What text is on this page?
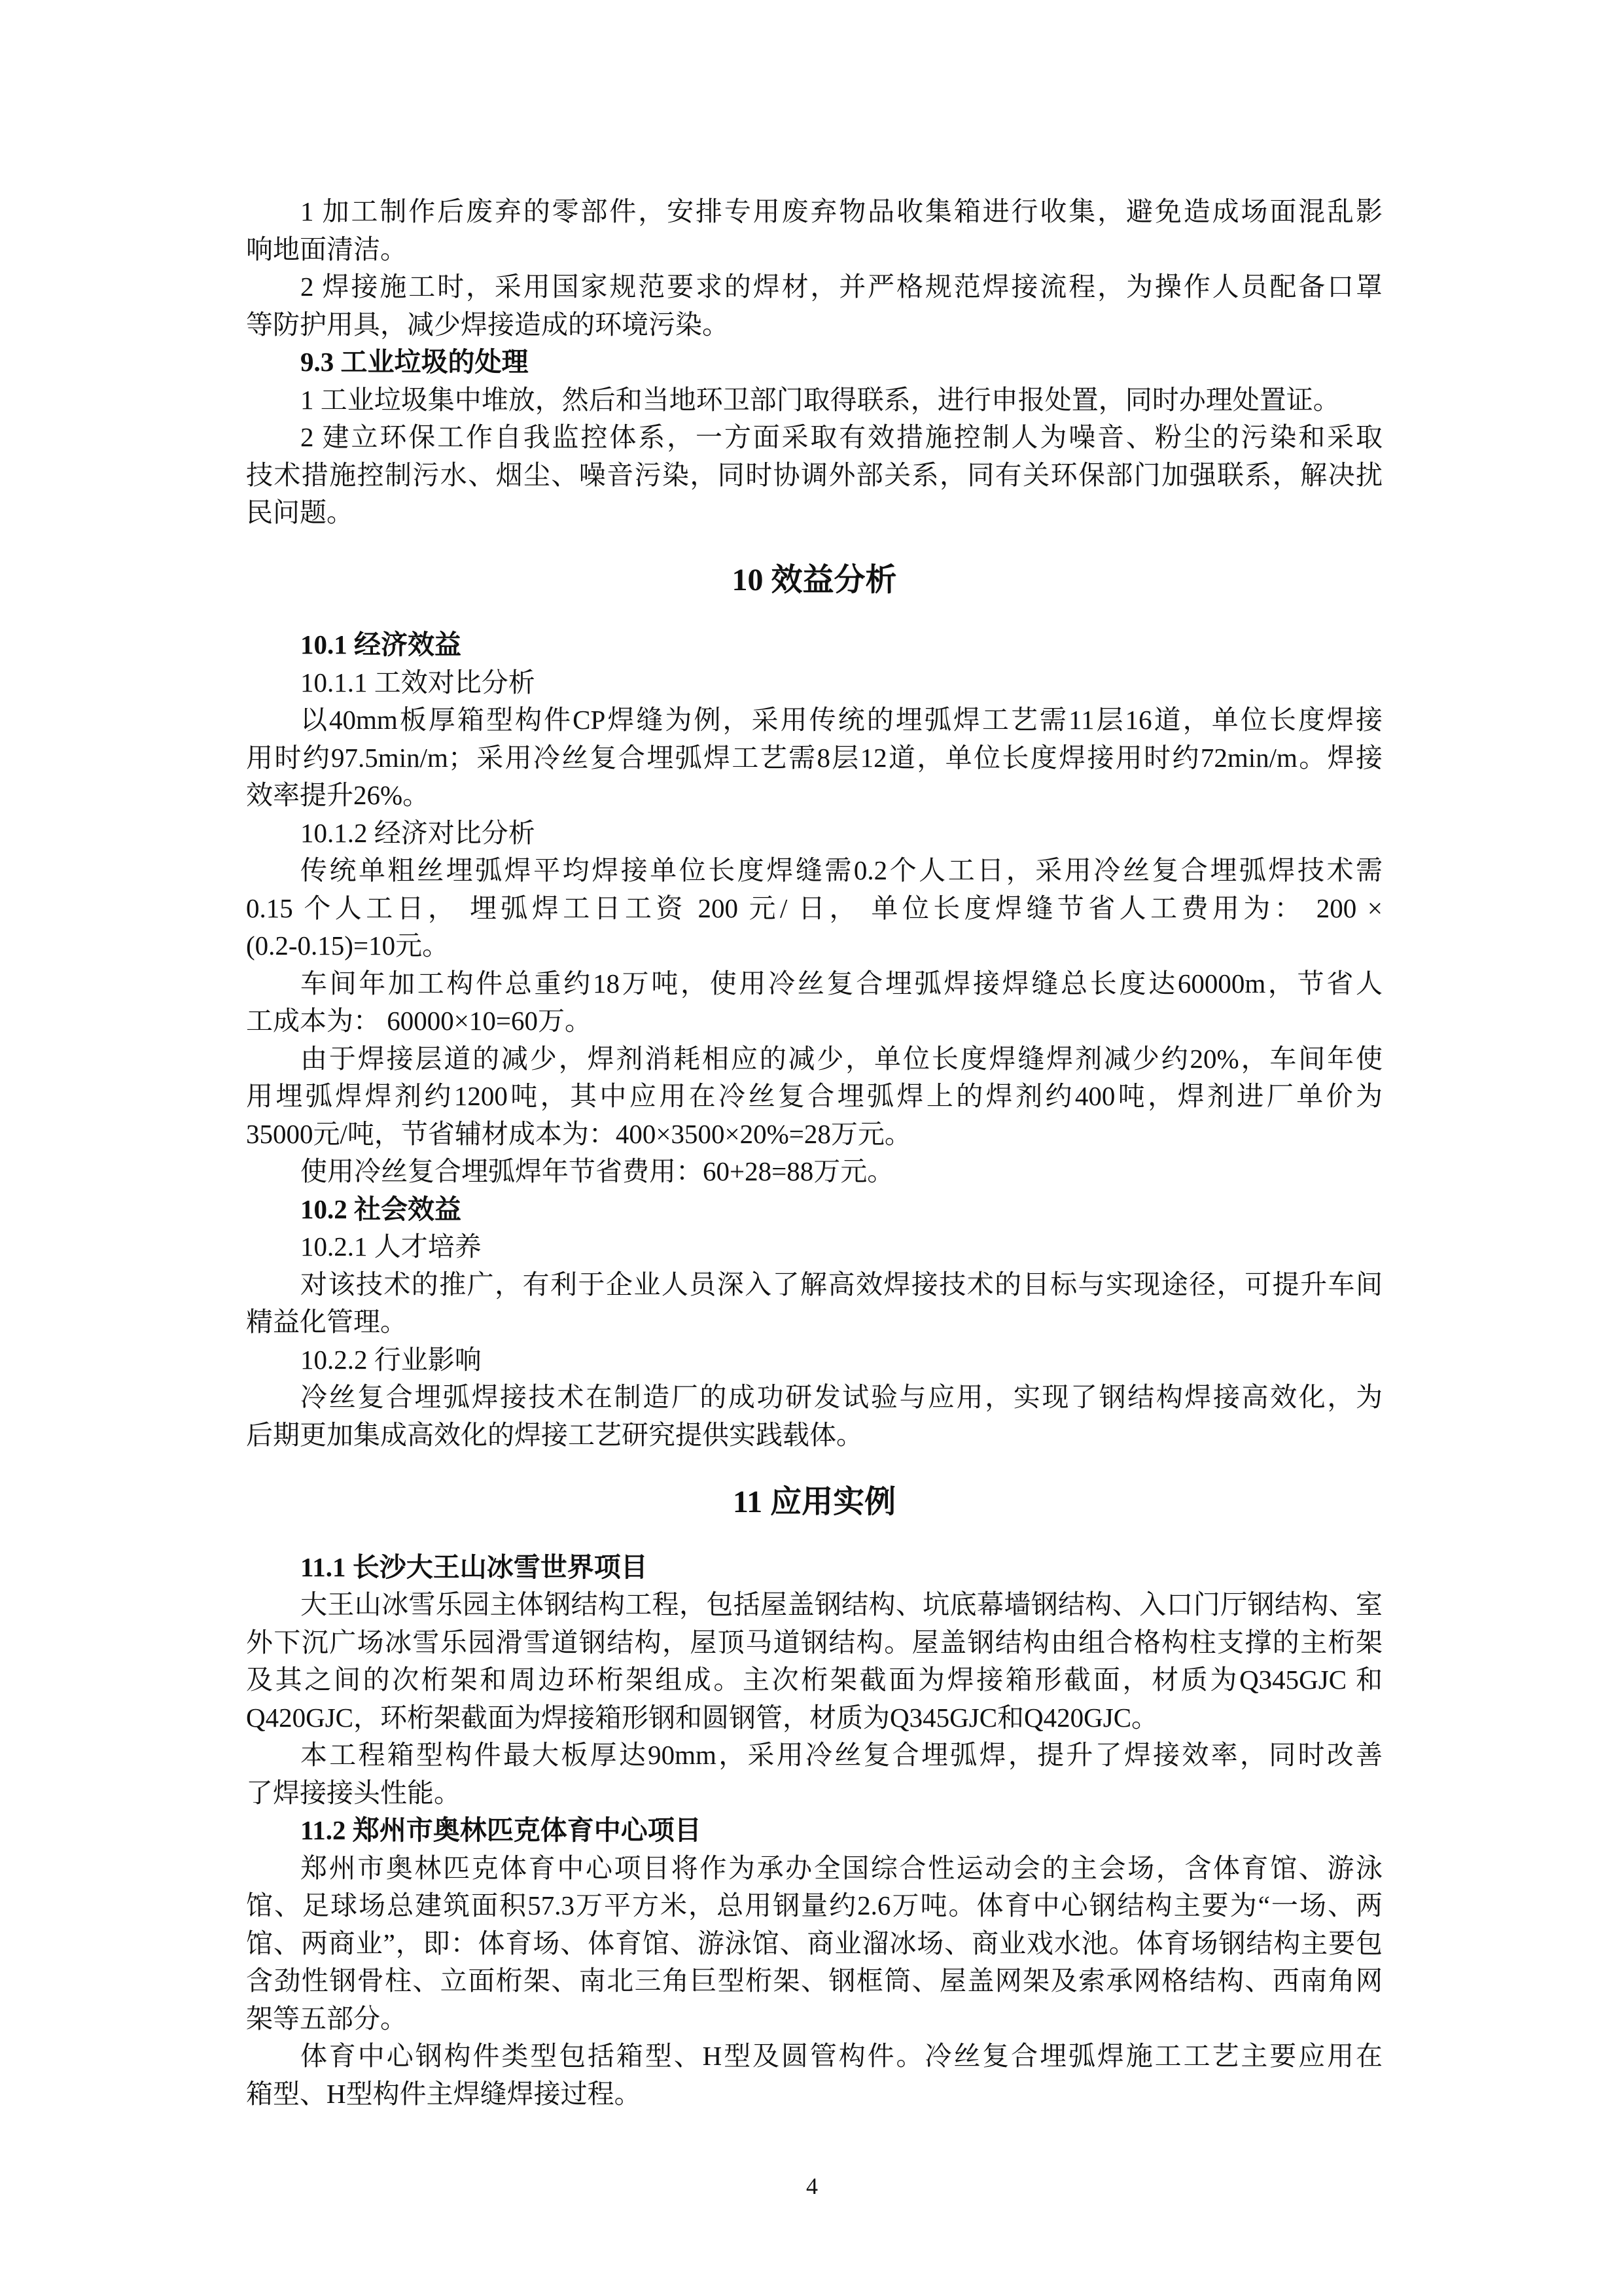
1 加工制作后废弃的零部件，安排专用废弃物品收集箱进行收集，避免造成场面混乱影
响地面清洁。
2 焊接施工时，采用国家规范要求的焊材，并严格规范焊接流程，为操作人员配备口罩
等防护用具，减少焊接造成的环境污染。
9.3 工业垃圾的处理
1 工业垃圾集中堆放，然后和当地环卫部门取得联系，进行申报处置，同时办理处置证。
2 建立环保工作自我监控体系，一方面采取有效措施控制人为噪音、粉尘的污染和采取
技术措施控制污水、烟尘、噪音污染，同时协调外部关系，同有关环保部门加强联系，解决扰
民问题。
10 效益分析
10.1 经济效益
10.1.1 工效对比分析
以40mm板厚箱型构件CP焊缝为例，采用传统的埋弧焊工艺需11层16道，单位长度焊接
用时约97.5min/m；采用冷丝复合埋弧焊工艺需8层12道，单位长度焊接用时约72min/m。焊接
效率提升26%。
10.1.2 经济对比分析
传统单粗丝埋弧焊平均焊接单位长度焊缝需0.2个人工日，采用冷丝复合埋弧焊技术需
0.15 个人工日， 埋弧焊工日工资 200 元/ 日， 单位长度焊缝节省人工费用为： 200 ×
(0.2-0.15)=10元。
车间年加工构件总重约18万吨，使用冷丝复合埋弧焊接焊缝总长度达60000m，节省人
工成本为： 60000×10=60万。
由于焊接层道的减少，焊剂消耗相应的减少，单位长度焊缝焊剂减少约20%，车间年使
用埋弧焊焊剂约1200吨，其中应用在冷丝复合埋弧焊上的焊剂约400吨，焊剂进厂单价为
35000元/吨，节省辅材成本为：400×3500×20%=28万元。
使用冷丝复合埋弧焊年节省费用：60+28=88万元。
10.2 社会效益
10.2.1 人才培养
对该技术的推广，有利于企业人员深入了解高效焊接技术的目标与实现途径，可提升车间
精益化管理。
10.2.2 行业影响
冷丝复合埋弧焊接技术在制造厂的成功研发试验与应用，实现了钢结构焊接高效化，为
后期更加集成高效化的焊接工艺研究提供实践载体。
11 应用实例
11.1 长沙大王山冰雪世界项目
大王山冰雪乐园主体钢结构工程，包括屋盖钢结构、坑底幕墙钢结构、入口门厅钢结构、室
外下沉广场冰雪乐园滑雪道钢结构，屋顶马道钢结构。屋盖钢结构由组合格构柱支撑的主桁架
及其之间的次桁架和周边环桁架组成。主次桁架截面为焊接箱形截面，材质为Q345GJC 和
Q420GJC，环桁架截面为焊接箱形钢和圆钢管，材质为Q345GJC和Q420GJC。
本工程箱型构件最大板厚达90mm，采用冷丝复合埋弧焊，提升了焊接效率，同时改善
了焊接接头性能。
11.2 郑州市奥林匹克体育中心项目
郑州市奥林匹克体育中心项目将作为承办全国综合性运动会的主会场，含体育馆、游泳
馆、足球场总建筑面积57.3万平方米，总用钢量约2.6万吨。体育中心钢结构主要为“一场、两
馆、两商业”，即：体育场、体育馆、游泳馆、商业溜冰场、商业戏水池。体育场钢结构主要包
含劲性钢骨柱、立面桁架、南北三角巨型桁架、钢框筒、屋盖网架及索承网格结构、西南角网
架等五部分。
体育中心钢构件类型包括箱型、H型及圆管构件。冷丝复合埋弧焊施工工艺主要应用在
箱型、H型构件主焊缝焊接过程。
4
